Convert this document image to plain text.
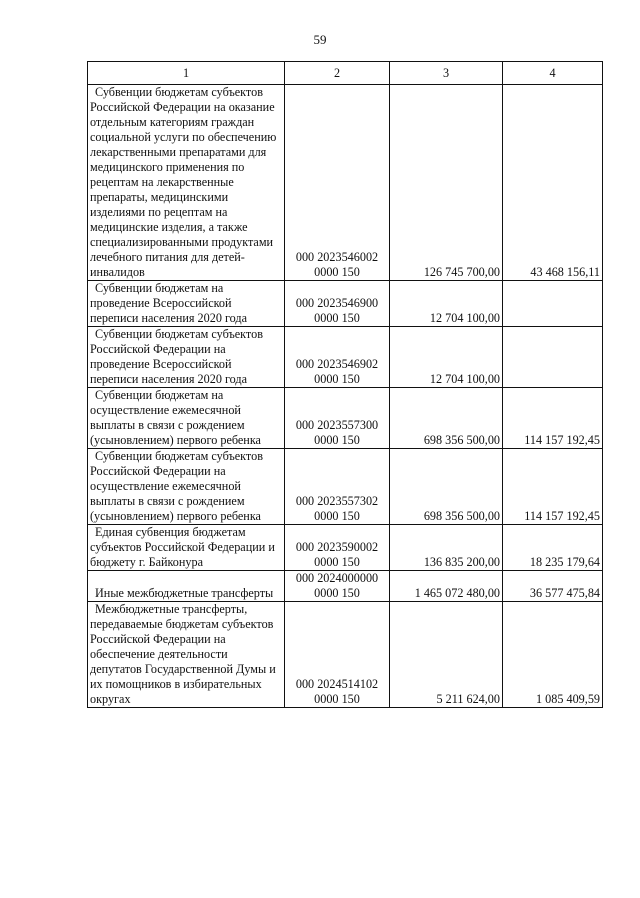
59
1	2	3	4

Субвенции бюджетам субъектов Российской Федерации на оказание отдельным категориям граждан социальной услуги по обеспечению лекарственными препаратами для медицинского применения по рецептам на лекарственные препараты, медицинскими изделиями по рецептам на медицинские изделия, а также специализированными продуктами лечебного питания для детей-инвалидов	000 2023546002 0000 150	126 745 700,00	43 468 156,11

Субвенции бюджетам на проведение Всероссийской переписи населения 2020 года	000 2023546900 0000 150	12 704 100,00	

Субвенции бюджетам субъектов Российской Федерации на проведение Всероссийской переписи населения 2020 года	000 2023546902 0000 150	12 704 100,00	

Субвенции бюджетам на осуществление ежемесячной выплаты в связи с рождением (усыновлением) первого ребенка	000 2023557300 0000 150	698 356 500,00	114 157 192,45

Субвенции бюджетам субъектов Российской Федерации на осуществление ежемесячной выплаты в связи с рождением (усыновлением) первого ребенка	000 2023557302 0000 150	698 356 500,00	114 157 192,45

Единая субвенция бюджетам субъектов Российской Федерации и бюджету г. Байконура	000 2023590002 0000 150	136 835 200,00	18 235 179,64

Иные межбюджетные трансферты	000 2024000000 0000 150	1 465 072 480,00	36 577 475,84

Межбюджетные трансферты, передаваемые бюджетам субъектов Российской Федерации на обеспечение деятельности депутатов Государственной Думы и их помощников в избирательных округах	000 2024514102 0000 150	5 211 624,00	1 085 409,59
